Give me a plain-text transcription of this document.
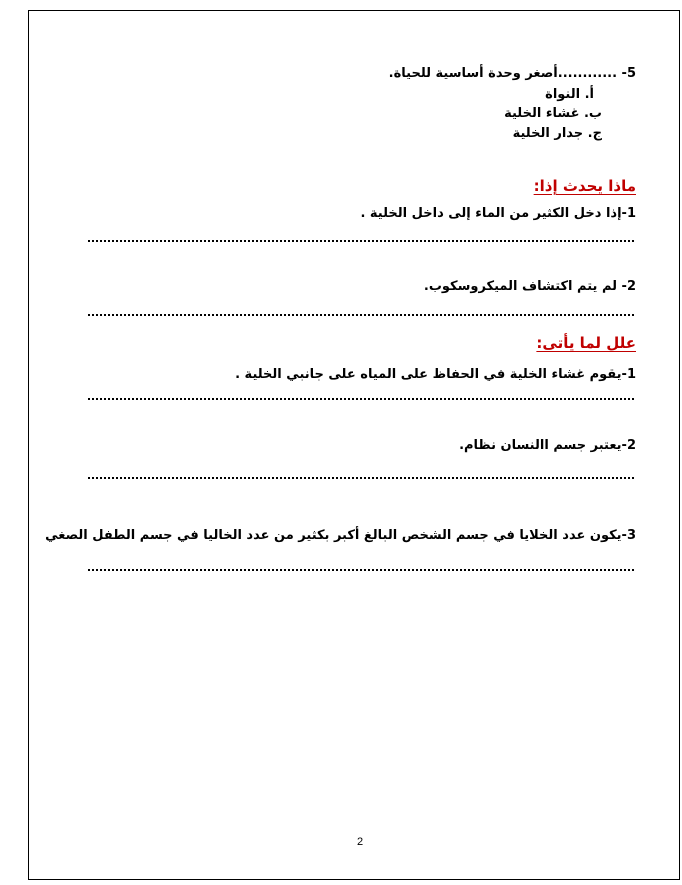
5- ............أصغر وحدة أساسية للحياة.
أ. النواة
ب. غشاء الخلية
ج. جدار الخلية
ماذا يحدث إذا:
1-إذا دخل الكثير من الماء إلى داخل الخلية .
2- لم يتم اكتشاف الميكروسكوب.
علل لما يأتى:
1-يقوم غشاء الخلية في الحفاظ على المياه على جانبي الخلية .
2-يعتبر جسم االنسان نظام.
3-يكون عدد الخلايا في جسم الشخص البالغ أكبر بكثير من عدد الخاليا في جسم الطفل الصغي
2
